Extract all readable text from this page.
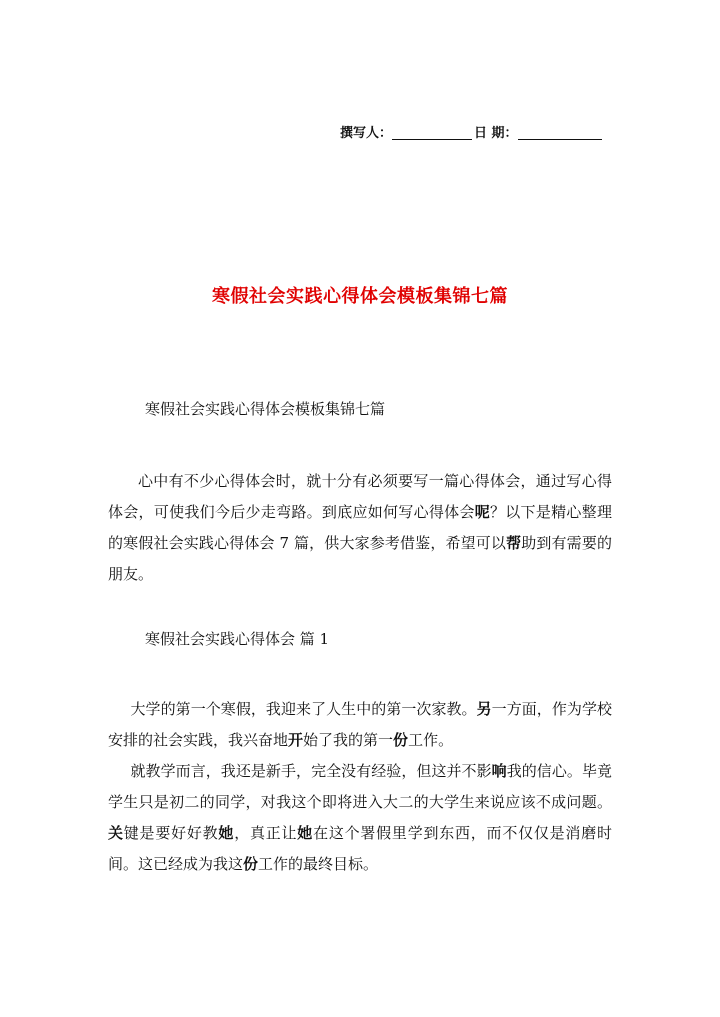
撰写人：	日 期：
寒假社会实践心得体会模板集锦七篇
寒假社会实践心得体会模板集锦七篇

心中有不少心得体会时，就十分有必须要写一篇心得体会，通过写心得体会，可使我们今后少走弯路。到底应如何写心得体会呢？以下是精心整理的寒假社会实践心得体会 7 篇，供大家参考借鉴，希望可以帮助到有需要的朋友。

寒假社会实践心得体会 篇 1

大学的第一个寒假，我迎来了人生中的第一次家教。另一方面，作为学校安排的社会实践，我兴奋地开始了我的第一份工作。

就教学而言，我还是新手，完全没有经验，但这并不影响我的信心。毕竟学生只是初二的同学，对我这个即将进入大二的大学生来说应该不成问题。关键是要好好教她，真正让她在这个署假里学到东西，而不仅仅是消磨时间。这已经成为我这份工作的最终目标。
